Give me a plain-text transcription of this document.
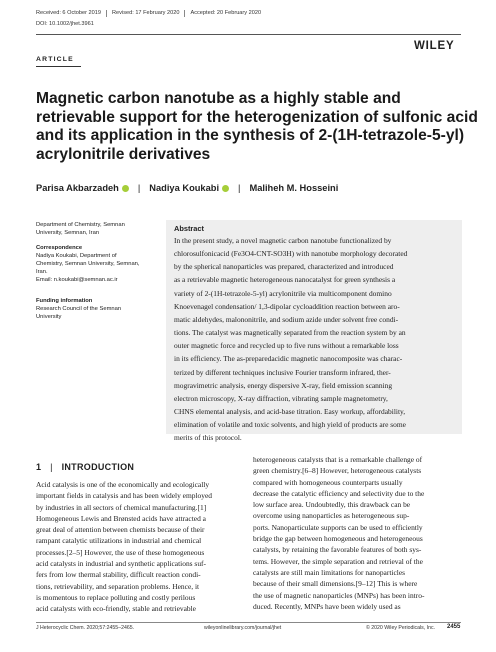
Received: 6 October 2019	Revised: 17 February 2020	Accepted: 20 February 2020
DOI: 10.1002/jhet.3961
WILEY
ARTICLE
Magnetic carbon nanotube as a highly stable and
retrievable support for the heterogenization of sulfonic acid
and its application in the synthesis of 2-(1H-tetrazole-5-yl)
acrylonitrile derivatives
Parisa Akbarzadeh | Nadiya Koukabi | Maliheh M. Hosseini
Department of Chemistry, Semnan
University, Semnan, Iran
Correspondence
Nadiya Koukabi, Department of
Chemistry, Semnan University, Semnan,
Iran.
Email: n.koukabi@semnan.ac.ir
Funding information
Research Council of the Semnan
University
Abstract
In the present study, a novel magnetic carbon nanotube functionalized by
chlorosulfonicacid (Fe3O4-CNT-SO3H) with nanotube morphology decorated
by the spherical nanoparticles was prepared, characterized and introduced
as a retrievable magnetic heterogeneous nanocatalyst for green synthesis a
variety of 2-(1H-tetrazole-5-yl) acrylonitrile via multicomponent domino
Knoevenagel condensation/ 1,3-dipolar cycloaddition reaction between aro-
matic aldehydes, malononitrile, and sodium azide under solvent free condi-
tions. The catalyst was magnetically separated from the reaction system by an
outer magnetic force and recycled up to five runs without a remarkable loss
in its efficiency. The as-preparedacidic magnetic nanocomposite was charac-
terized by different techniques inclusive Fourier transform infrared, ther-
mogravimetric analysis, energy dispersive X-ray, field emission scanning
electron microscopy, X-ray diffraction, vibrating sample magnetometry,
CHNS elemental analysis, and acid-base titration. Easy workup, affordability,
elimination of volatile and toxic solvents, and high yield of products are some
merits of this protocol.
1 | INTRODUCTION
Acid catalysis is one of the economically and ecologically
important fields in catalysis and has been widely employed
by industries in all sectors of chemical manufacturing.[1]
Homogeneous Lewis and Brønsted acids have attracted a
great deal of attention between chemists because of their
rampant catalytic utilizations in industrial and chemical
processes.[2–5] However, the use of these homogeneous
acid catalysts in industrial and synthetic applications suf-
fers from low thermal stability, difficult reaction condi-
tions, retrievability, and separation problems. Hence, it
is momentous to replace polluting and costly perilous
acid catalysts with eco-friendly, stable and retrievable
heterogeneous catalysts that is a remarkable challenge of
green chemistry.[6–8] However, heterogeneous catalysts
compared with homogeneous counterparts usually
decrease the catalytic efficiency and selectivity due to the
low surface area. Undoubtedly, this drawback can be
overcome using nanoparticles as heterogeneous sup-
ports. Nanoparticulate supports can be used to efficiently
bridge the gap between homogeneous and heterogeneous
catalysts, by retaining the favorable features of both sys-
tems. However, the simple separation and retrieval of the
catalysts are still main limitations for nanoparticles
because of their small dimensions.[9–12] This is where
the use of magnetic nanoparticles (MNPs) has been intro-
duced. Recently, MNPs have been widely used as
J Heterocyclic Chem. 2020;57:2455–2465.	wileyonlinelibrary.com/journal/jhet	© 2020 Wiley Periodicals, Inc. 2455
